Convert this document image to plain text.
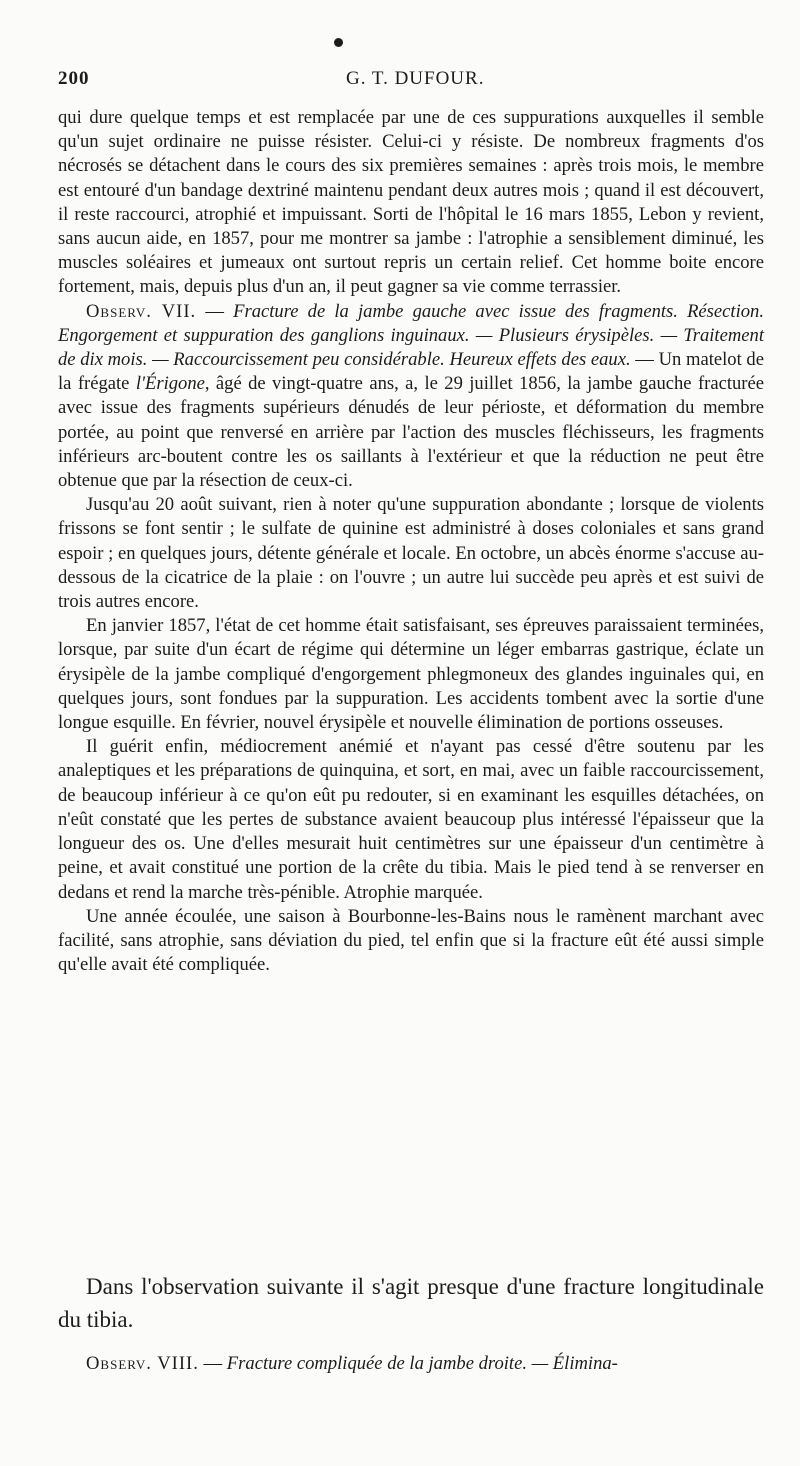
200	G. T. DUFOUR.

qui dure quelque temps et est remplacée par une de ces suppurations auxquelles il semble qu'un sujet ordinaire ne puisse résister. Celui-ci y résiste. De nombreux fragments d'os nécrosés se détachent dans le cours des six premières semaines : après trois mois, le membre est entouré d'un bandage dextriné maintenu pendant deux autres mois ; quand il est découvert, il reste raccourci, atrophié et impuissant. Sorti de l'hôpital le 16 mars 1855, Lebon y revient, sans aucun aide, en 1857, pour me montrer sa jambe : l'atrophie a sensiblement diminué, les muscles soléaires et jumeaux ont surtout repris un certain relief. Cet homme boite encore fortement, mais, depuis plus d'un an, il peut gagner sa vie comme terrassier.

Observ. VII. — Fracture de la jambe gauche avec issue des fragments. Résection. Engorgement et suppuration des ganglions inguinaux. — Plusieurs érysipèles. — Traitement de dix mois. — Raccourcissement peu considérable. Heureux effets des eaux. — Un matelot de la frégate l'Érigone, âgé de vingt-quatre ans, a, le 29 juillet 1856, la jambe gauche fracturée avec issue des fragments supérieurs dénudés de leur périoste, et déformation du membre portée, au point que renversé en arrière par l'action des muscles fléchisseurs, les fragments inférieurs arc-boutent contre les os saillants à l'extérieur et que la réduction ne peut être obtenue que par la résection de ceux-ci.

Jusqu'au 20 août suivant, rien à noter qu'une suppuration abondante ; lorsque de violents frissons se font sentir ; le sulfate de quinine est administré à doses coloniales et sans grand espoir ; en quelques jours, détente générale et locale. En octobre, un abcès énorme s'accuse au-dessous de la cicatrice de la plaie : on l'ouvre ; un autre lui succède peu après et est suivi de trois autres encore.

En janvier 1857, l'état de cet homme était satisfaisant, ses épreuves paraissaient terminées, lorsque, par suite d'un écart de régime qui détermine un léger embarras gastrique, éclate un érysipèle de la jambe compliqué d'engorgement phlegmoneux des glandes inguinales qui, en quelques jours, sont fondues par la suppuration. Les accidents tombent avec la sortie d'une longue esquille. En février, nouvel érysipèle et nouvelle élimination de portions osseuses.

Il guérit enfin, médiocrement anémié et n'ayant pas cessé d'être soutenu par les analeptiques et les préparations de quinquina, et sort, en mai, avec un faible raccourcissement, de beaucoup inférieur à ce qu'on eût pu redouter, si en examinant les esquilles détachées, on n'eût constaté que les pertes de substance avaient beaucoup plus intéressé l'épaisseur que la longueur des os. Une d'elles mesurait huit centimètres sur une épaisseur d'un centimètre à peine, et avait constitué une portion de la crête du tibia. Mais le pied tend à se renverser en dedans et rend la marche très-pénible. Atrophie marquée.

Une année écoulée, une saison à Bourbonne-les-Bains nous le ramènent marchant avec facilité, sans atrophie, sans déviation du pied, tel enfin que si la fracture eût été aussi simple qu'elle avait été compliquée.

Dans l'observation suivante il s'agit presque d'une fracture longitudinale du tibia.

Observ. VIII. — Fracture compliquée de la jambe droite. — Élimina-
